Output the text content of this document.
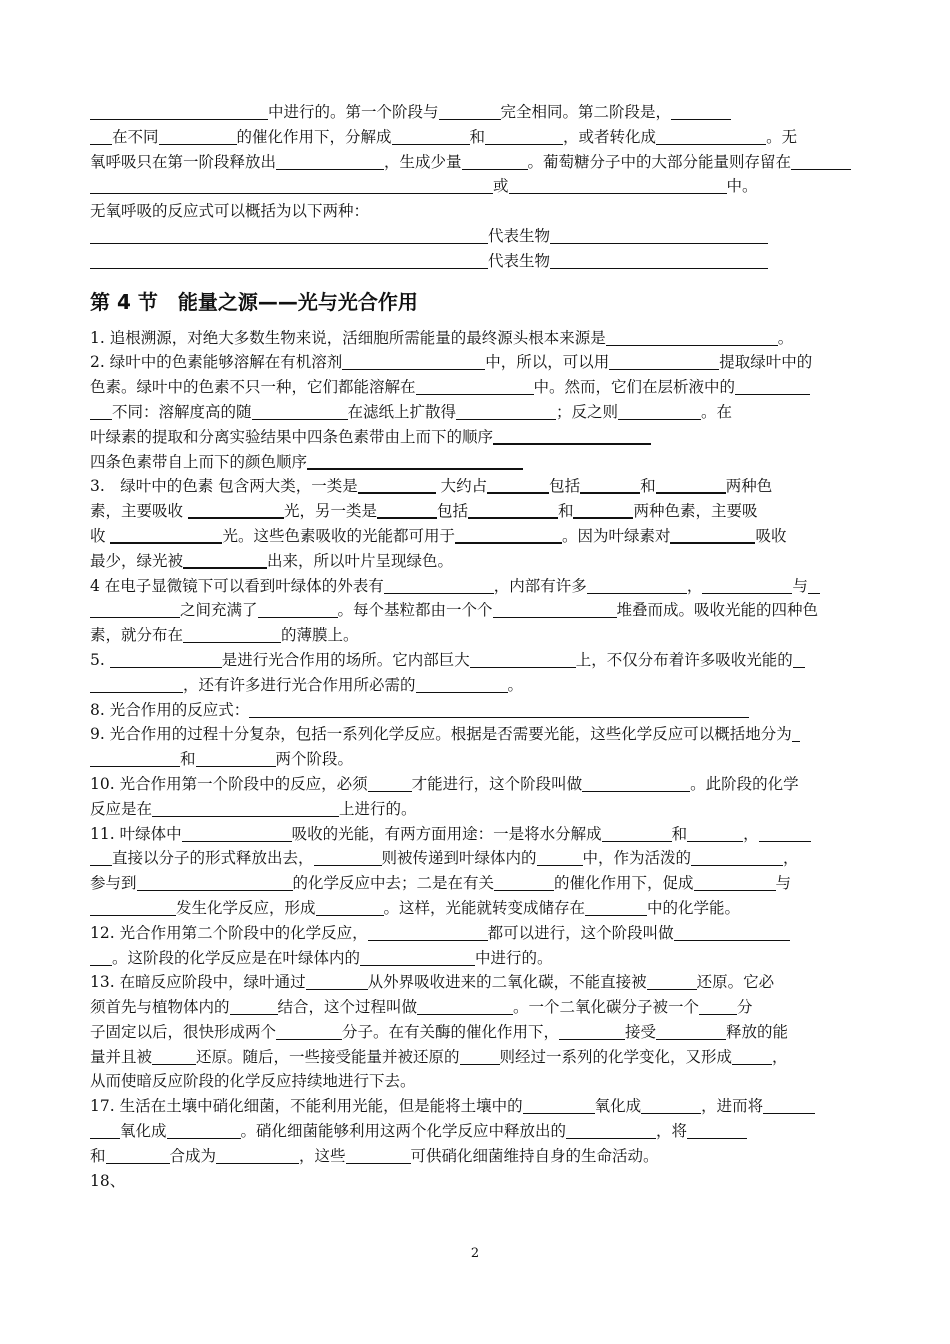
中进行的。第一个阶段与	完全相同。第二阶段是，
在不同	的催化作用下，分解成	和	，或者转化成	。无
氧呼吸只在第一阶段释放出	，生成少量	。葡萄糖分子中的大部分能量则存留在
或	中。
无氧呼吸的反应式可以概括为以下两种：
代表生物
代表生物
第 4 节　能量之源——光与光合作用
1. 追根溯源，对绝大多数生物来说，活细胞所需能量的最终源头根本来源是	。
2. 绿叶中的色素能够溶解在有机溶剂	中，所以，可以用	提取绿叶中的
色素。绿叶中的色素不只一种，它们都能溶解在	中。然而，它们在层析液中的
不同：溶解度高的随	在滤纸上扩散得	；反之则	。在
叶绿素的提取和分离实验结果中四条色素带由上而下的顺序
四条色素带自上而下的颜色顺序
3.　绿叶中的色素 包含两大类，一类是	大约占	包括	和	两种色
素，主要吸收	光，另一类是	包括	和	两种色素，主要吸
收	光。这些色素吸收的光能都可用于	。因为叶绿素对	吸收
最少，绿光被	出来，所以叶片呈现绿色。
4 在电子显微镜下可以看到叶绿体的外表有	，内部有许多	，	与
之间充满了	。每个基粒都由一个个	堆叠而成。吸收光能的四种色
素，就分布在	的薄膜上。
5.	是进行光合作用的场所。它内部巨大	上，不仅分布着许多吸收光能的
，还有许多进行光合作用所必需的	。
8. 光合作用的反应式：
9. 光合作用的过程十分复杂，包括一系列化学反应。根据是否需要光能，这些化学反应可以概括地分为
和	两个阶段。
10. 光合作用第一个阶段中的反应，必须	才能进行，这个阶段叫做	。此阶段的化学
反应是在	上进行的。
11. 叶绿体中	吸收的光能，有两方面用途：一是将水分解成	和	，
直接以分子的形式释放出去，	则被传递到叶绿体内的	中，作为活泼的	，
参与到	的化学反应中去；二是在有关	的催化作用下，促成	与
发生化学反应，形成	。这样，光能就转变成储存在	中的化学能。
12. 光合作用第二个阶段中的化学反应，	都可以进行，这个阶段叫做
。这阶段的化学反应是在叶绿体内的	中进行的。
13. 在暗反应阶段中，绿叶通过	从外界吸收进来的二氧化碳，不能直接被	还原。它必
须首先与植物体内的	结合，这个过程叫做	。一个二氧化碳分子被一个 分
子固定以后，很快形成两个	分子。在有关酶的催化作用下，	接受	释放的能
量并且被	还原。随后，一些接受能量并被还原的	则经过一系列的化学变化，又形成	，
从而使暗反应阶段的化学反应持续地进行下去。
17. 生活在土壤中硝化细菌，不能利用光能，但是能将土壤中的	氧化成	，进而将
氧化成	。硝化细菌能够利用这两个化学反应中释放出的	，将
和	合成为	，这些	可供硝化细菌维持自身的生命活动。
18、
2
